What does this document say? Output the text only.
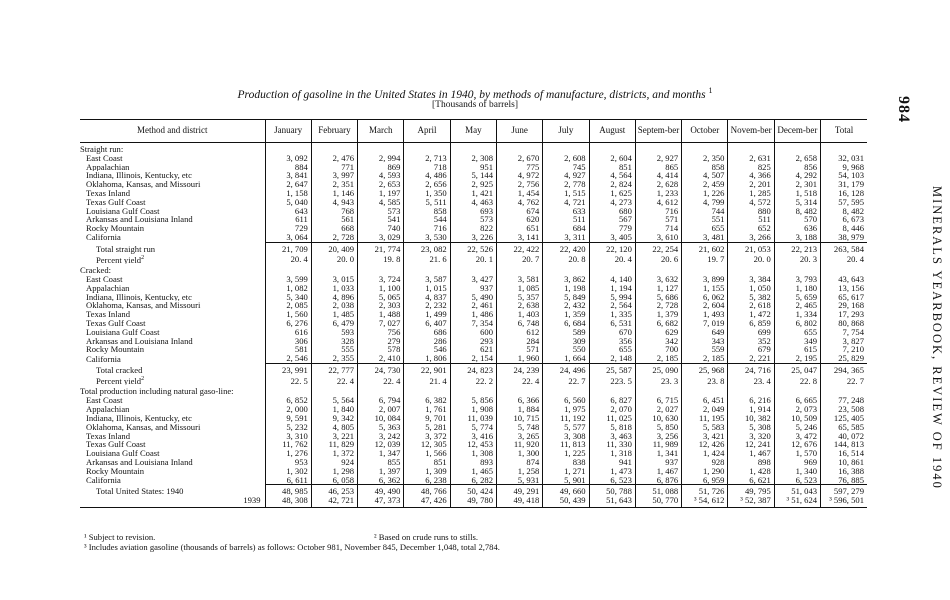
984
MINERALS YEARBOOK, REVIEW OF 1940
Production of gasoline in the United States in 1940, by methods of manufacture, districts, and months $^1$
[Thousands of barrels]
Method and district	January	February	March	April	May	June	July	August	Septem-ber	October	Novem-ber	Decem-ber	Total
Straight run:													
East Coast	3, 092	2, 476	2, 994	2, 713	2, 308	2, 670	2, 608	2, 604	2, 927	2, 350	2, 631	2, 658	32, 031
Appalachian	884	771	869	718	951	775	745	851	865	858	825	856	9, 968
Indiana, Illinois, Kentucky, etc	3, 841	3, 997	4, 593	4, 486	5, 144	4, 972	4, 927	4, 564	4, 414	4, 507	4, 366	4, 292	54, 103
Oklahoma, Kansas, and Missouri	2, 647	2, 351	2, 653	2, 656	2, 925	2, 756	2, 778	2, 824	2, 628	2, 459	2, 201	2, 301	31, 179
Texas Inland	1, 158	1, 146	1, 197	1, 350	1, 421	1, 454	1, 515	1, 625	1, 233	1, 226	1, 285	1, 518	16, 128
Texas Gulf Coast	5, 040	4, 943	4, 585	5, 511	4, 463	4, 762	4, 721	4, 273	4, 612	4, 799	4, 572	5, 314	57, 595
Louisiana Gulf Coast	643	768	573	858	693	674	633	680	716	744	880	8, 482	8, 482
Arkansas and Louisiana Inland	611	561	541	544	573	620	511	567	571	551	511	570	6, 673
Rocky Mountain	729	668	740	716	822	651	684	779	714	655	652	636	8, 446
California	3, 064	2, 728	3, 029	3, 530	3, 226	3, 141	3, 311	3, 405	3, 610	3, 481	3, 266	3, 188	38, 979
Total straight run	21, 709	20, 409	21, 774	23, 082	22, 526	22, 422	22, 420	22, 120	22, 254	21, 602	21, 053	22, 213	263, 584
Percent yield$^2$	20. 4	20. 0	19. 8	21. 6	20. 1	20. 7	20. 8	20. 4	20. 6	19. 7	20. 0	20. 3	20. 4
Cracked:													
East Coast	3, 599	3, 015	3, 724	3, 587	3, 427	3, 581	3, 862	4, 140	3, 632	3, 899	3, 384	3, 793	43, 643
Appalachian	1, 082	1, 033	1, 100	1, 015	937	1, 085	1, 198	1, 194	1, 127	1, 155	1, 050	1, 180	13, 156
Indiana, Illinois, Kentucky, etc	5, 340	4, 896	5, 065	4, 837	5, 490	5, 357	5, 849	5, 994	5, 686	6, 062	5, 382	5, 659	65, 617
Oklahoma, Kansas, and Missouri	2, 085	2, 038	2, 303	2, 232	2, 461	2, 638	2, 432	2, 564	2, 728	2, 604	2, 618	2, 465	29, 168
Texas Inland	1, 560	1, 485	1, 488	1, 499	1, 486	1, 403	1, 359	1, 335	1, 379	1, 493	1, 472	1, 334	17, 293
Texas Gulf Coast	6, 276	6, 479	7, 027	6, 407	7, 354	6, 748	6, 684	6, 531	6, 682	7, 019	6, 859	6, 802	80, 868
Louisiana Gulf Coast	616	593	756	686	600	612	589	670	629	649	699	655	7, 754
Arkansas and Louisiana Inland	306	328	279	286	293	284	309	356	342	343	352	349	3, 827
Rocky Mountain	581	555	578	546	621	571	550	655	700	559	679	615	7, 210
California	2, 546	2, 355	2, 410	1, 806	2, 154	1, 960	1, 664	2, 148	2, 185	2, 185	2, 221	2, 195	25, 829
Total cracked	23, 991	22, 777	24, 730	22, 901	24, 823	24, 239	24, 496	25, 587	25, 090	25, 968	24, 716	25, 047	294, 365
Percent yield$^2$	22. 5	22. 4	22. 4	21. 4	22. 2	22. 4	22. 7	223. 5	23. 3	23. 8	23. 4	22. 8	22. 7
Total production including natural gaso-line:													
East Coast	6, 852	5, 564	6, 794	6, 382	5, 856	6, 366	6, 560	6, 827	6, 715	6, 451	6, 216	6, 665	77, 248
Appalachian	2, 000	1, 840	2, 007	1, 761	1, 908	1, 884	1, 975	2, 070	2, 027	2, 049	1, 914	2, 073	23, 508
Indiana, Illinois, Kentucky, etc	9, 591	9, 342	10, 084	9, 701	11, 039	10, 715	11, 192	11, 025	10, 630	11, 195	10, 382	10, 509	125, 405
Oklahoma, Kansas, and Missouri	5, 232	4, 805	5, 363	5, 281	5, 774	5, 748	5, 577	5, 818	5, 850	5, 583	5, 308	5, 246	65, 585
Texas Inland	3, 310	3, 221	3, 242	3, 372	3, 416	3, 265	3, 308	3, 463	3, 256	3, 421	3, 320	3, 472	40, 072
Texas Gulf Coast	11, 762	11, 829	12, 039	12, 305	12, 453	11, 920	11, 813	11, 330	11, 989	12, 426	12, 241	12, 676	144, 813
Louisiana Gulf Coast	1, 276	1, 372	1, 347	1, 566	1, 308	1, 300	1, 225	1, 318	1, 341	1, 424	1, 467	1, 570	16, 514
Arkansas and Louisiana Inland	953	924	855	851	893	874	838	941	937	928	898	969	10, 861
Rocky Mountain	1, 302	1, 298	1, 397	1, 309	1, 465	1, 258	1, 271	1, 473	1, 467	1, 290	1, 428	1, 340	16, 388
California	6, 611	6, 058	6, 362	6, 238	6, 282	5, 931	5, 901	6, 523	6, 876	6, 959	6, 621	6, 523	76, 885
Total United States: 1940	48, 985	46, 253	49, 490	48, 766	50, 424	49, 291	49, 660	50, 788	51, 088	51, 726	49, 795	51, 043	597, 279
1939	48, 308	42, 721	47, 373	47, 426	49, 780	49, 418	50, 439	51, 643	50, 770	³ 54, 612	³ 52, 387	³ 51, 624	³ 596, 501
¹ Subject to revision.	² Based on crude runs to stills.
³ Includes aviation gasoline (thousands of barrels) as follows: October 981, November 845, December 1,048, total 2,784.
